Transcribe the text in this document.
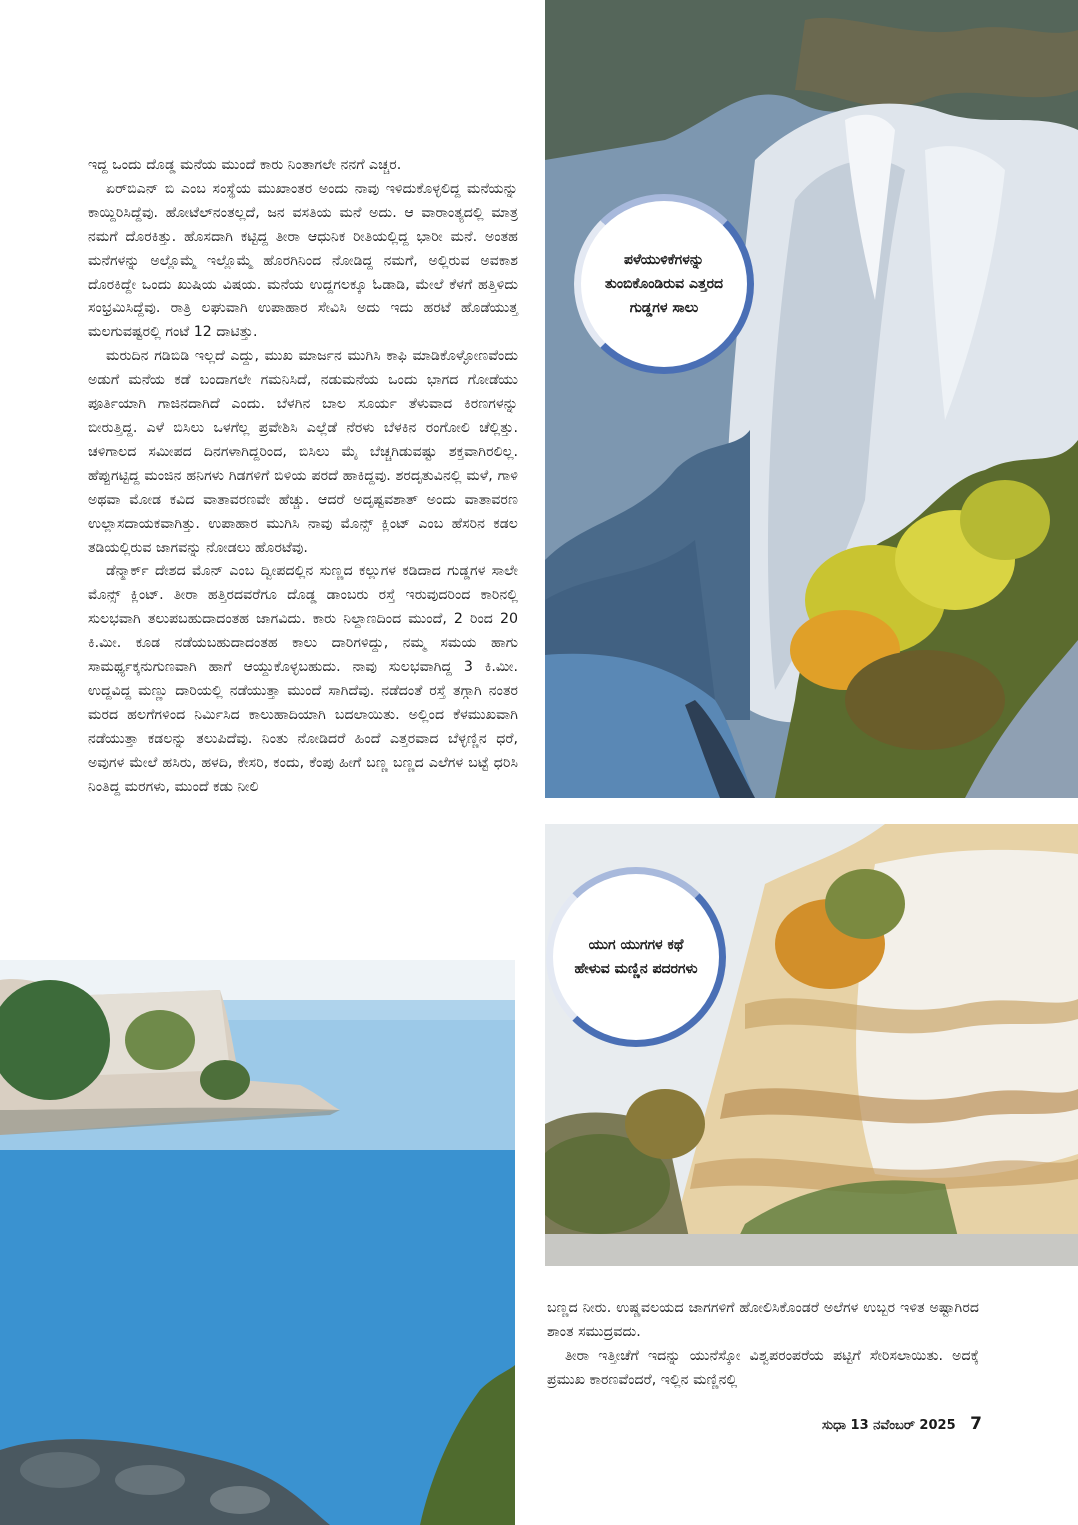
ಪಳೆಯುಳಿಕೆಗಳನ್ನು ತುಂಬಿಕೊಂಡಿರುವ ಎತ್ತರದ ಗುಡ್ಡಗಳ ಸಾಲು
ಯುಗ ಯುಗಗಳ ಕಥೆ ಹೇಳುವ ಮಣ್ಣಿನ ಪದರಗಳು

ಇದ್ದ ಒಂದು ದೊಡ್ಡ ಮನೆಯ ಮುಂದೆ ಕಾರು ನಿಂತಾಗಲೇ ನನಗೆ ಎಚ್ಚರ.

ಏರ್‌ಬಿಎನ್ ಬಿ ಎಂಬ ಸಂಸ್ಥೆಯ ಮುಖಾಂತರ ಅಂದು ನಾವು ಇಳಿದುಕೊಳ್ಳಲಿದ್ದ ಮನೆಯನ್ನು ಕಾಯ್ದಿರಿಸಿದ್ದೆವು. ಹೋಟೆಲ್‌ನಂತಲ್ಲದೆ, ಜನ ವಸತಿಯ ಮನೆ ಅದು. ಆ ವಾರಾಂತ್ಯದಲ್ಲಿ ಮಾತ್ರ ನಮಗೆ ದೊರಕಿತ್ತು. ಹೊಸದಾಗಿ ಕಟ್ಟಿದ್ದ ತೀರಾ ಆಧುನಿಕ ರೀತಿಯಲ್ಲಿದ್ದ ಭಾರೀ ಮನೆ. ಅಂತಹ ಮನೆಗಳನ್ನು ಅಲ್ಲೊಮ್ಮೆ ಇಲ್ಲೊಮ್ಮೆ ಹೊರಗಿನಿಂದ ನೋಡಿದ್ದ ನಮಗೆ, ಅಲ್ಲಿರುವ ಅವಕಾಶ ದೊರಕಿದ್ದೇ ಒಂದು ಖುಷಿಯ ವಿಷಯ. ಮನೆಯ ಉದ್ದಗಲಕ್ಕೂ ಓಡಾಡಿ, ಮೇಲೆ ಕೆಳಗೆ ಹತ್ತಿಳಿದು ಸಂಭ್ರಮಿಸಿದ್ದೆವು. ರಾತ್ರಿ ಲಘುವಾಗಿ ಉಪಾಹಾರ ಸೇವಿಸಿ ಅದು ಇದು ಹರಟೆ ಹೊಡೆಯುತ್ತ ಮಲಗುವಷ್ಟರಲ್ಲಿ ಗಂಟೆ 12 ದಾಟಿತ್ತು.

ಮರುದಿನ ಗಡಿಬಿಡಿ ಇಲ್ಲದೆ ಎದ್ದು, ಮುಖ ಮಾರ್ಜನ ಮುಗಿಸಿ ಕಾಫಿ ಮಾಡಿಕೊಳ್ಳೋಣವೆಂದು ಅಡುಗೆ ಮನೆಯ ಕಡೆ ಬಂದಾಗಲೇ ಗಮನಿಸಿದೆ, ನಡುಮನೆಯ ಒಂದು ಭಾಗದ ಗೋಡೆಯು ಪೂರ್ತಿಯಾಗಿ ಗಾಜಿನದಾಗಿದೆ ಎಂದು. ಬೆಳಗಿನ ಬಾಲ ಸೂರ್ಯ ತೆಳುವಾದ ಕಿರಣಗಳನ್ನು ಬೀರುತ್ತಿದ್ದ. ಎಳೆ ಬಿಸಿಲು ಒಳಗೆಲ್ಲ ಪ್ರವೇಶಿಸಿ ಎಲ್ಲೆಡೆ ನೆರಳು ಬೆಳಕಿನ ರಂಗೋಲಿ ಚೆಲ್ಲಿತ್ತು. ಚಳಿಗಾಲದ ಸಮೀಪದ ದಿನಗಳಾಗಿದ್ದರಿಂದ, ಬಿಸಿಲು ಮೈ ಬೆಚ್ಚಗಿಡುವಷ್ಟು ಶಕ್ತವಾಗಿರಲಿಲ್ಲ. ಹೆಪ್ಪುಗಟ್ಟಿದ್ದ ಮಂಜಿನ ಹನಿಗಳು ಗಿಡಗಳಿಗೆ ಬಿಳಿಯ ಪರದೆ ಹಾಕಿದ್ದವು. ಶರದೃತುವಿನಲ್ಲಿ ಮಳೆ, ಗಾಳಿ ಅಥವಾ ಮೋಡ ಕವಿದ ವಾತಾವರಣವೇ ಹೆಚ್ಚು. ಆದರೆ ಅದೃಷ್ಟವಶಾತ್ ಅಂದು ವಾತಾವರಣ ಉಲ್ಲಾಸದಾಯಕವಾಗಿತ್ತು. ಉಪಾಹಾರ ಮುಗಿಸಿ ನಾವು ಮೊನ್ಸ್ ಕ್ಲಿಂಟ್ ಎಂಬ ಹೆಸರಿನ ಕಡಲ ತಡಿಯಲ್ಲಿರುವ ಜಾಗವನ್ನು ನೋಡಲು ಹೊರಟೆವು.

ಡೆನ್ಮಾರ್ಕ್ ದೇಶದ ಮೊನ್ ಎಂಬ ದ್ವೀಪದಲ್ಲಿನ ಸುಣ್ಣದ ಕಲ್ಲುಗಳ ಕಡಿದಾದ ಗುಡ್ಡಗಳ ಸಾಲೇ ಮೊನ್ಸ್ ಕ್ಲಿಂಟ್. ತೀರಾ ಹತ್ತಿರದವರೆಗೂ ದೊಡ್ಡ ಡಾಂಬರು ರಸ್ತೆ ಇರುವುದರಿಂದ ಕಾರಿನಲ್ಲಿ ಸುಲಭವಾಗಿ ತಲುಪಬಹುದಾದಂತಹ ಜಾಗವಿದು. ಕಾರು ನಿಲ್ದಾಣದಿಂದ ಮುಂದೆ, 2 ರಿಂದ 20 ಕಿ.ಮೀ. ಕೂಡ ನಡೆಯಬಹುದಾದಂತಹ ಕಾಲು ದಾರಿಗಳಿದ್ದು, ನಮ್ಮ ಸಮಯ ಹಾಗು ಸಾಮರ್ಥ್ಯಕ್ಕನುಗುಣವಾಗಿ ಹಾಗೆ ಆಯ್ದುಕೊಳ್ಳಬಹುದು. ನಾವು ಸುಲಭವಾಗಿದ್ದ 3 ಕಿ.ಮೀ. ಉದ್ದವಿದ್ದ ಮಣ್ಣು ದಾರಿಯಲ್ಲಿ ನಡೆಯುತ್ತಾ ಮುಂದೆ ಸಾಗಿದೆವು. ನಡೆದಂತೆ ರಸ್ತೆ ತಗ್ಗಾಗಿ ನಂತರ ಮರದ ಹಲಗೆಗಳಿಂದ ನಿರ್ಮಿಸಿದ ಕಾಲುಹಾದಿಯಾಗಿ ಬದಲಾಯಿತು. ಅಲ್ಲಿಂದ ಕೆಳಮುಖವಾಗಿ ನಡೆಯುತ್ತಾ ಕಡಲನ್ನು ತಲುಪಿದೆವು. ನಿಂತು ನೋಡಿದರೆ ಹಿಂದೆ ಎತ್ತರವಾದ ಬೆಳ್ಳಣ್ಣಿನ ಧರೆ, ಅವುಗಳ ಮೇಲೆ ಹಸಿರು, ಹಳದಿ, ಕೇಸರಿ, ಕಂದು, ಕೆಂಪು ಹೀಗೆ ಬಣ್ಣ ಬಣ್ಣದ ಎಲೆಗಳ ಬಟ್ಟೆ ಧರಿಸಿ ನಿಂತಿದ್ದ ಮರಗಳು, ಮುಂದೆ ಕಡು ನೀಲಿ

ಬಣ್ಣದ ನೀರು. ಉಷ್ಣವಲಯದ ಜಾಗಗಳಿಗೆ ಹೋಲಿಸಿಕೊಂಡರೆ ಅಲೆಗಳ ಉಬ್ಬರ ಇಳಿತ ಅಷ್ಟಾಗಿರದ ಶಾಂತ ಸಮುದ್ರವದು.

ತೀರಾ ಇತ್ತೀಚೆಗೆ ಇದನ್ನು ಯುನೆಸ್ಕೋ ವಿಶ್ವಪರಂಪರೆಯ ಪಟ್ಟಿಗೆ ಸೇರಿಸಲಾಯಿತು. ಅದಕ್ಕೆ ಪ್ರಮುಖ ಕಾರಣವೆಂದರೆ, ಇಲ್ಲಿನ ಮಣ್ಣಿನಲ್ಲಿ

ಸುಧಾ 13 ನವೆಂಬರ್ 2025 7
